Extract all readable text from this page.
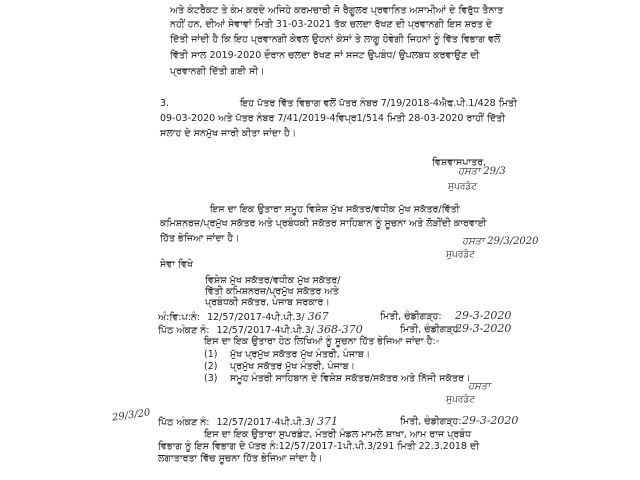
ਅਤੇ ਕੰਟਰੈਕਟ ਤੇ ਕੰਮ ਕਰਦੇ ਅਜਿਹੇ ਕਰਮਚਾਰੀ ਜੋ ਰੈਗੂਲਰ ਪ੍ਰਵਾਨਿਤ ਅਸਾਮੀਆਂ ਦੇ ਵਿਰੁੱਧ ਤੈਨਾਤ
ਨਹੀਂ ਹਨ, ਦੀਆਂ ਸੇਵਾਵਾਂ ਮਿਤੀ 31-03-2021 ਤੱਕ ਚਲਦਾ ਰੱਖਣ ਦੀ ਪ੍ਰਵਾਨਗੀ ਇਸ ਸ਼ਰਤ ਦੇ
ਦਿੱਤੀ ਜਾਂਦੀ ਹੈ ਕਿ ਇਹ ਪ੍ਰਵਾਨਗੀ ਕੇਵਲ ਉਹਨਾਂ ਕੇਸਾਂ ਤੇ ਲਾਗੂ ਹੋਵੇਗੀ ਜਿਹਨਾਂ ਨੂੰ ਵਿੱਤ ਵਿਭਾਗ ਵਲੋਂ
ਵਿੱਤੀ ਸਾਲ 2019-2020 ਦੌਰਾਨ ਚਲਦਾ ਰੱਖਣ ਜਾਂ ਸਜਟ ਉਪਬੰਧ/ ਉਪਲਬਧ ਕਰਵਾਉਣ ਦੀ
ਪ੍ਰਵਾਨਗੀ ਦਿੱਤੀ ਗਈ ਸੀ।
3.	ਇਹ ਪੱਤਰ ਵਿੱਤ ਵਿਭਾਗ ਵਲੋਂ ਪੱਤਰ ਨੰਬਰ 7/19/2018-4ਐਫ.ਪੀ.1/428 ਮਿਤੀ
09-03-2020 ਅਤੇ ਪੱਤਰ ਨੰਬਰ 7/41/2019-4ਵਿਪ੍ਰ1/514 ਮਿਤੀ 28-03-2020 ਰਾਹੀਂ ਦਿੱਤੀ
ਸਲਾਹ ਦੇ ਸਨਮੁੱਖ ਜਾਰੀ ਕੀਤਾ ਜਾਂਦਾ ਹੈ।
ਵਿਸ਼ਵਾਸਪਾਤਰ,
ਹਸਤਾ 29/3
ਸੁਪਰਡੰਟ
ਇਸ ਦਾ ਇਕ ਉਤਾਰਾ ਸਮੂਹ ਵਿਸ਼ੇਸ਼ ਮੁੱਖ ਸਕੱਤਰ/ਵਧੀਕ ਮੁੱਖ ਸਕੱਤਰ/ਵਿੱਤੀ
ਕਮਿਸ਼ਨਰਜ਼/ਪ੍ਰਮੁੱਖ ਸਕੱਤਰ ਅਤੇ ਪ੍ਰਬੰਧਕੀ ਸਕੱਤਰ ਸਾਹਿਬਾਨ ਨੂੰ ਸੂਚਨਾ ਅਤੇ ਲੋੜੀਂਦੀ ਕਾਰਵਾਈ
ਹਿੱਤ ਭੇਜਿਆ ਜਾਂਦਾ ਹੈ।	ਹਸਤਾ 29/3/2020
ਸੁਪਰਡੰਟ
ਸੇਵਾ ਵਿਖੇ
ਵਿਸ਼ੇਸ਼ ਮੁੱਖ ਸਕੱਤਰ/ਵਧੀਕ ਮੁੱਖ ਸਕੱਤਰ/
ਵਿੱਤੀ ਕਮਿਸ਼ਨਰਜ਼/ਪ੍ਰਮੁੱਖ ਸਕੱਤਰ ਅਤੇ
ਪ੍ਰਬੰਧਕੀ ਸਕੱਤਰ, ਪੰਜਾਬ ਸਰਕਾਰ।
ਅੰ:ਵਿ:ਪ:ਨੰ: 12/57/2017-4ਪੀ.ਪੀ.3/ 367	ਮਿਤੀ, ਚੰਡੀਗੜ੍ਹ: 29-3-2020
ਪਿੱਠ ਅੰਕਣ ਨੰ: 12/57/2017-4ਪੀ.ਪੀ.3/ 368-370	ਮਿਤੀ, ਚੰਡੀਗੜ੍ਹ:
29-3-2020
ਇਸ ਦਾ ਇਕ ਉਤਾਰਾ ਹੇਠ ਲਿਖਿਆਂ ਨੂੰ ਸੂਚਨਾ ਹਿੱਤ ਭੇਜਿਆ ਜਾਂਦਾ ਹੈ:-
(1) ਮੁੱਖ ਪ੍ਰਮੁੱਖ ਸਕੱਤਰ ਮੁੱਖ ਮੰਤਰੀ, ਪੰਜਾਬ।
(2) ਪ੍ਰਮੁੱਖ ਸਕੱਤਰ ਮੁੱਖ ਮੰਤਰੀ, ਪੰਜਾਬ।
(3) ਸਮੂਹ ਮੰਤਰੀ ਸਾਹਿਬਾਨ ਦੇ ਵਿਸ਼ੇਸ਼ ਸਕੱਤਰ/ਸਕੱਤਰ ਅਤੇ ਨਿੱਜੀ ਸਕੱਤਰ।
ਹਸਤਾ
ਸੁਪਰਡੰਟ
29/3/20 ਪਿੱਠ ਅੰਕਣ ਨੰ: 12/57/2017-4ਪੀ.ਪੀ.3/ 371	ਮਿਤੀ, ਚੰਡੀਗੜ੍ਹ: 29-3-2020
ਇਸ ਦਾ ਇਕ ਉਤਾਰਾ ਸੁਪਰਡੰਟ, ਮੰਤਰੀ ਮੰਡਲ ਮਾਮਲੇ ਸ਼ਾਖਾ, ਆਮ ਰਾਜ ਪ੍ਰਬੰਧ
ਵਿਭਾਗ ਨੂੰ ਇਸ ਵਿਭਾਗ ਦੇ ਪੱਤਰ ਨੰ:12/57/2017-1ਪੀ.ਪੀ.3/291 ਮਿਤੀ 22.3.2018 ਦੀ
ਲਗਾਤਾਰਤਾ ਵਿੱਚ ਸੂਚਨਾ ਹਿੱਤ ਭੇਜਿਆ ਜਾਂਦਾ ਹੈ।
